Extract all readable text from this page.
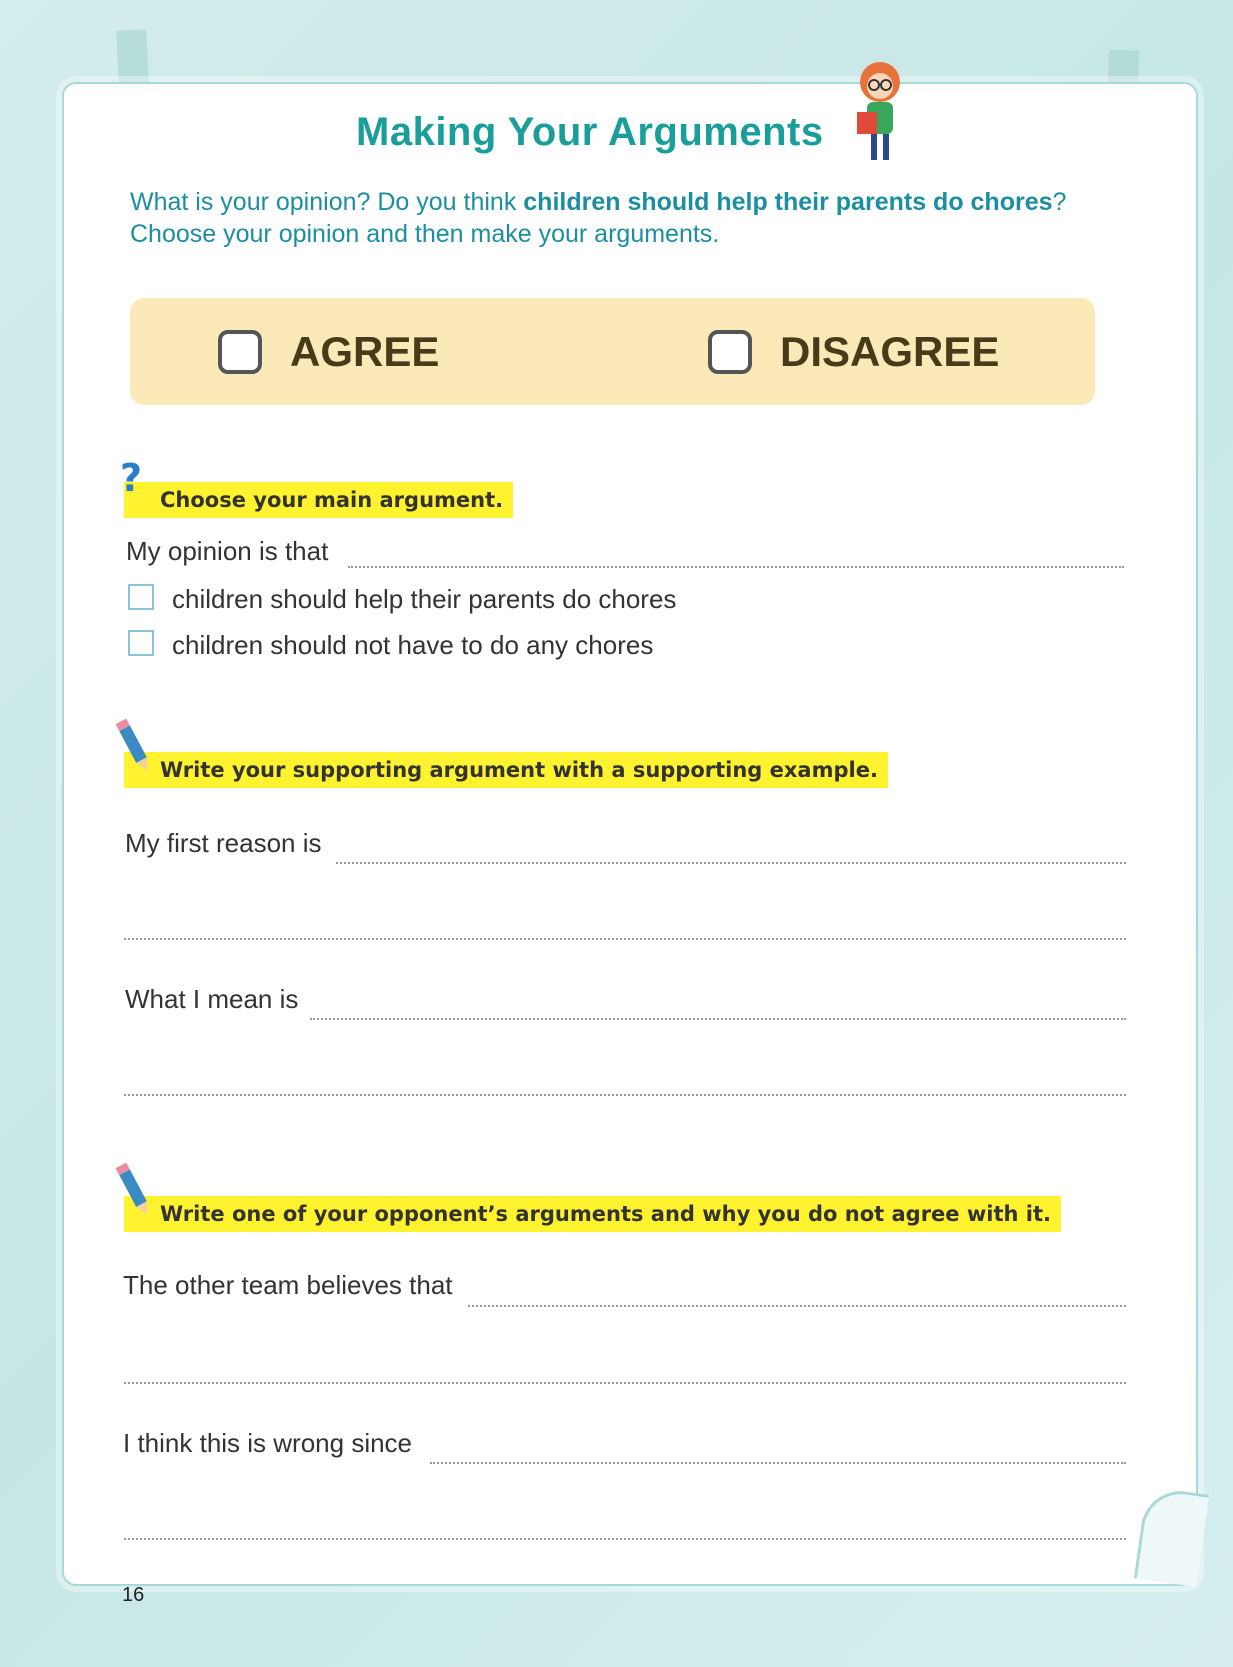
Making Your Arguments
What is your opinion? Do you think children should help their parents do chores? Choose your opinion and then make your arguments.
AGREE	DISAGREE
? Choose your main argument.
My opinion is that
children should help their parents do chores
children should not have to do any chores
Write your supporting argument with a supporting example.
My first reason is
What I mean is
Write one of your opponent’s arguments and why you do not agree with it.
The other team believes that
I think this is wrong since
16
